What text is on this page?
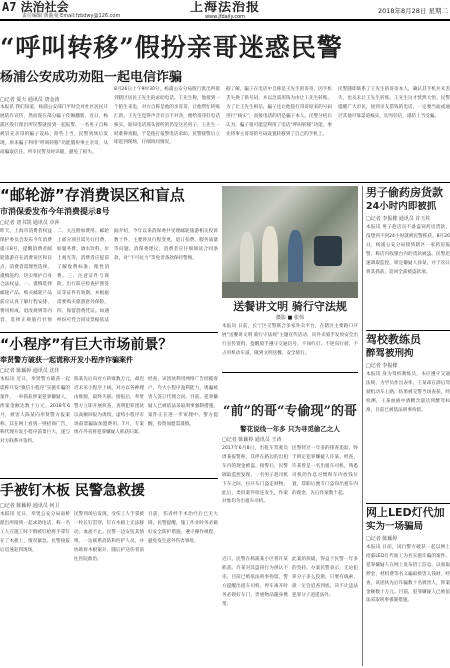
A7 法治社会
责任编辑 黄曲曼 Email:fzbdwy@126.com
上海法治报
www.jfdaily.com
2018年8月28日 星期二
“呼叫转移”假扮亲哥迷惑民警
杨浦公安成功劝阻一起电信诈骗
□记者 夏天 通讯员 唐金涛
本报讯 我们知道，杨浦公安部门平时会对社区居民开展防诈宣传，然而现在部分骗子伎俩翻新。近日，杨浦区殷行派出所民警就接到一起报警，一名男子自称被冒充亲哥的骗子设局，险些上当。民警到场后发现，原来骗子利用“呼叫转移”功能假扮事主亲哥，从而骗取信任。所幸民警及时识破，避免了损失。
8月26日上午9时30分，杨浦公安分局殷行派出所接到辖区居民王先生的求助电话。王先生称，他接到一个陌生来电，对方自称是他的亲哥哥，让他帮忙转账汇款。王先生觉得声音有点不对劲，便给哥哥打电话核实，谁知电话那头接听的仍是这名男子。王先生一时难辨真假，于是拨打报警电话求助。民警接警后立即赶到现场，仔细询问情况。
据了解，骗子在电话中自称是王先生的哥哥，因手机丢失换了新号码，并以急需用钱为由让王先生转账。为了让王先生相信，骗子还让他拨打哥哥原来的号码进行“核实”，而接电话的仍是骗子本人。民警分析后认为，骗子很可能是利用了电话“呼叫转移”功能，事先将事主哥哥的号码设置转移到了自己的手机上。
民警随即联系了王先生的哥哥本人，确认其手机并未丢失，也从未让王先生转账。王先生这才恍然大悟。民警提醒广大市民，接到亲友借钱的电话，一定要当面或通过其他可靠渠道核实，切勿轻信，谨防上当受骗。
“邮轮游”存消费误区和盲点
市消保委发布今年消费提示8号
□记者 唐书凯 通讯员 卓萍
昨天，上海市消费者权益保护委员会发布今年消费提示8号，提醒消费者邮轮旅游存在消费误区和盲点，消费者需理性选择，谨慎签约，切实维护自身合法权益。一、谨慎选择邮轮产品。购买邮轮产品前应认真了解行程安排、费用构成、退改规则等内容，选择正规旅行社预
二、关注附加费用。邮轮上部分项目需另行付费，如服务费、酒水饮料、岸上观光等，消费者应提前了解收费标准，理性消费。三、注意证件与保险。出行前应检查护照签证等证件有效期，并根据需要购买旅游意外保险。四、保留消费凭证。如遇纠纷可凭合同及票据依法
据介绍，今年以来消保委共受理邮轮旅游相关投诉数十件，主要涉及行程变更、退订扣费、服务质量等问题。消保委建议，消费者应仔细阅读合同条款，对“不可抗力”等免责条款保持警惕。
送餐讲文明 骑行守法规
摄影 ■ 张伟
本报讯 日前，长宁区交警联合多家外卖平台，在辖区主要路口开展“送餐讲文明 骑行守法规”主题宣传活动，向外卖骑手发放安全出行宣传资料，提醒骑手遵守交通信号，不闯红灯、不逆向行驶、不占用机动车道，做到文明送餐、安全骑行。
“小程序”有巨大市场前景？
奉贤警方破获一起谎称开发小程序诈骗案件
□记者 陈颖婷 通讯员 沈佳
本报讯 近日，奉贤警方破获一起谎称开发“微信小程序”实施诈骗的案件，一举抓获涉案犯罪嫌疑人，涉案金额达数十万元。2018年6月，被害人陈某向奉贤警方报案称，其在网上看到一则招商广告，称代理开发小程序前景巨大，遂与对方联系并签约。
陈某先后向对方转账数万元，却迟迟未见小程序上线，对方以各种理由推脱，最终失联。接报后，奉贤警方立即开展侦查，查明犯罪团伙以高额回报为诱饵，虚构小程序市场前景骗取加盟费用。7月，专案组在外省将犯罪嫌疑人抓获归案。
经查，该团伙利用网络广告招揽客户，夸大小程序盈利能力，诱骗被害人签订代理合同。目前，犯罪嫌疑人已被依法采取刑事强制措施，案件正在进一步审理中。警方提醒，投资加盟需谨慎。
手被钉木板 民警急救援
□记者 陈颖婷 通讯员 何卫
本报讯 近日，奉贤公安分局南桥派出所接到一起求助电话，称一名工人在施工时不慎被钉枪将手掌钉在了木板上，情况紧急。民警接报后迅速赶到现场。
民警到场后发现，受伤工人手掌被一枚长钉贯穿，钉在木板上无法移动，血流不止。民警一边安抚其情绪，一边联系消防和医护人员，并协助将木板锯开，随后护送伤者前往医院救治。
目前，伤者经手术治疗后已无大碍。民警提醒，施工作业时务必做好安全防护措施，遵守操作规程，避免发生意外伤害事故。
“前”的哥“专偷现”的哥
警花说线一年多 只为寻觅偷乙之人
□记者 陈颖婷 通讯员 王涛
2017年6月8日，出租车驾驶员周某报警称，其停在路边的出租车内的现金被盗。接警后，民警调取监控发现，一名男子趁司机下车之际，拉开车门盗走财物。此后，类似案件接连发生，作案对象均为出租车司机。
民警经过一年多的排查追踪，终于锁定犯罪嫌疑人许某。经查，许某曾是一名出租车司机，熟悉司机的作息习惯和车内放钱位置，辞职后便专门盗窃出租车内的现金，先后作案数十起。
近日，民警在杨浦某小区将许某抓获。许某对其盗窃行为供认不讳，目前已被依法刑事拘留。警方提醒出租车司机，停车离开时务必锁好车门，贵重物品随身携带。
此案的侦破，得益于民警一年多的坚持。办案民警表示，无论犯罪分子多么狡猾，只要有线索，就一定会追查到底，决不让违法犯罪分子逍遥法外。
男子偷药房货款
24小时内即被抓
□记者 李振樑 通讯员 许玉柱
本报讯 男子趁店员不备盗窃药房货款，没想到不到24小时就被民警抓获。8月20日，杨浦公安分局接到辖区一家药房报警，称店内收银台内的货款被盗。民警迅速调取监控，锁定嫌疑人徐某，并于次日将其抓获，追回全部被盗款项。
驾校教练员
醉驾被刑拘
□记者 李振樑
本报讯 身为驾校教练员，本应遵守交通法规、为学员作出表率，王某却在酒后驾驶机动车上路，结果被交警当场查获。经检测，王某血液中酒精含量达到醉驾标准，目前已被依法刑事拘留。
网上LED灯代加
实为一场骗局
□记者 陈颖婷
本报讯 日前，闵行警方破获一起以网上招募LED灯代加工为名实施诈骗的案件。犯罪嫌疑人在网上发布招工信息，以收取押金、材料费等名义骗取被害人钱财。经查，该团伙先后诈骗数十名被害人，涉案金额数十万元。目前，犯罪嫌疑人已被依法采取刑事强制措施。
